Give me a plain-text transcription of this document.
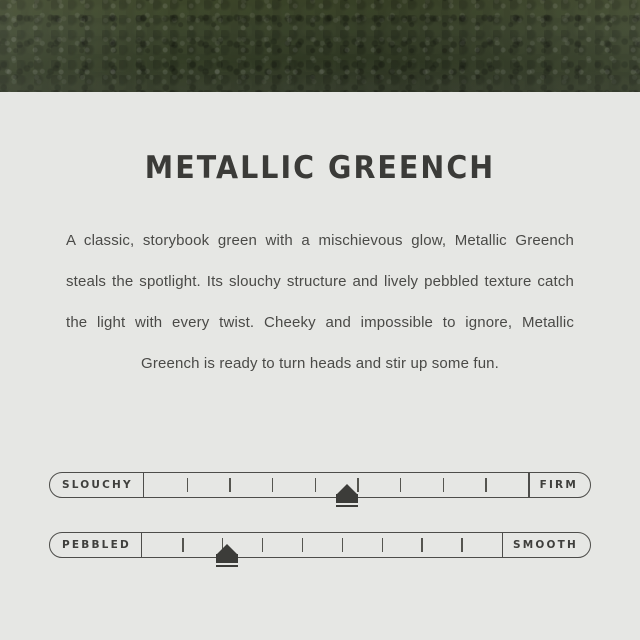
METALLIC GREENCH

A classic, storybook green with a mischievous glow, Metallic Greench steals the spotlight. Its slouchy structure and lively pebbled texture catch the light with every twist. Cheeky and impossible to ignore, Metallic Greench is ready to turn heads and stir up some fun.

SLOUCHY	FIRM
PEBBLED	SMOOTH
